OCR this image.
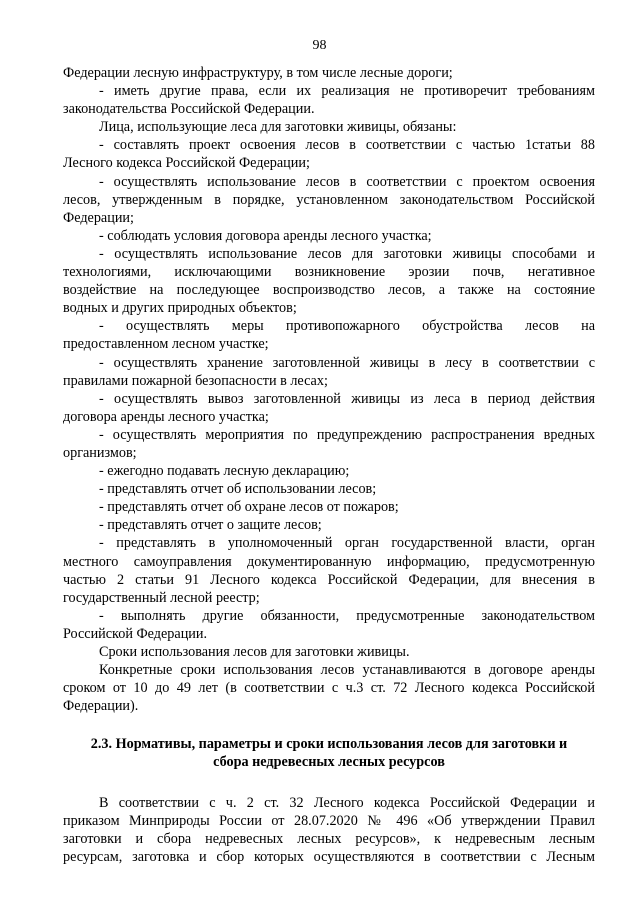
98
Федерации лесную инфраструктуру, в том числе лесные дороги;
- иметь другие права, если их реализация не противоречит требованиям
законодательства Российской Федерации.
Лица, использующие леса для заготовки живицы, обязаны:
- составлять проект освоения лесов в соответствии с частью 1статьи 88
Лесного кодекса Российской Федерации;
- осуществлять использование лесов в соответствии с проектом освоения
лесов, утвержденным в порядке, установленном законодательством Российской
Федерации;
- соблюдать условия договора аренды лесного участка;
- осуществлять использование лесов для заготовки живицы способами и
технологиями, исключающими возникновение эрозии почв, негативное
воздействие на последующее воспроизводство лесов, а также на состояние
водных и других природных объектов;
- осуществлять меры противопожарного обустройства лесов на
предоставленном лесном участке;
- осуществлять хранение заготовленной живицы в лесу в соответствии с
правилами пожарной безопасности в лесах;
- осуществлять вывоз заготовленной живицы из леса в период действия
договора аренды лесного участка;
- осуществлять мероприятия по предупреждению распространения вредных
организмов;
- ежегодно подавать лесную декларацию;
- представлять отчет об использовании лесов;
- представлять отчет об охране лесов от пожаров;
- представлять отчет о защите лесов;
- представлять в уполномоченный орган государственной власти, орган
местного самоуправления документированную информацию, предусмотренную
частью 2 статьи 91 Лесного кодекса Российской Федерации, для внесения в
государственный лесной реестр;
- выполнять другие обязанности, предусмотренные законодательством
Российской Федерации.
Сроки использования лесов для заготовки живицы.
Конкретные сроки использования лесов устанавливаются в договоре аренды
сроком от 10 до 49 лет (в соответствии с ч.3 ст. 72 Лесного кодекса Российской
Федерации).
2.3. Нормативы, параметры и сроки использования лесов для заготовки и
сбора недревесных лесных ресурсов
В соответствии с ч. 2 ст. 32 Лесного кодекса Российской Федерации и
приказом Минприроды России от 28.07.2020 № 496 «Об утверждении Правил
заготовки и сбора недревесных лесных ресурсов», к недревесным лесным
ресурсам, заготовка и сбор которых осуществляются в соответствии с Лесным
